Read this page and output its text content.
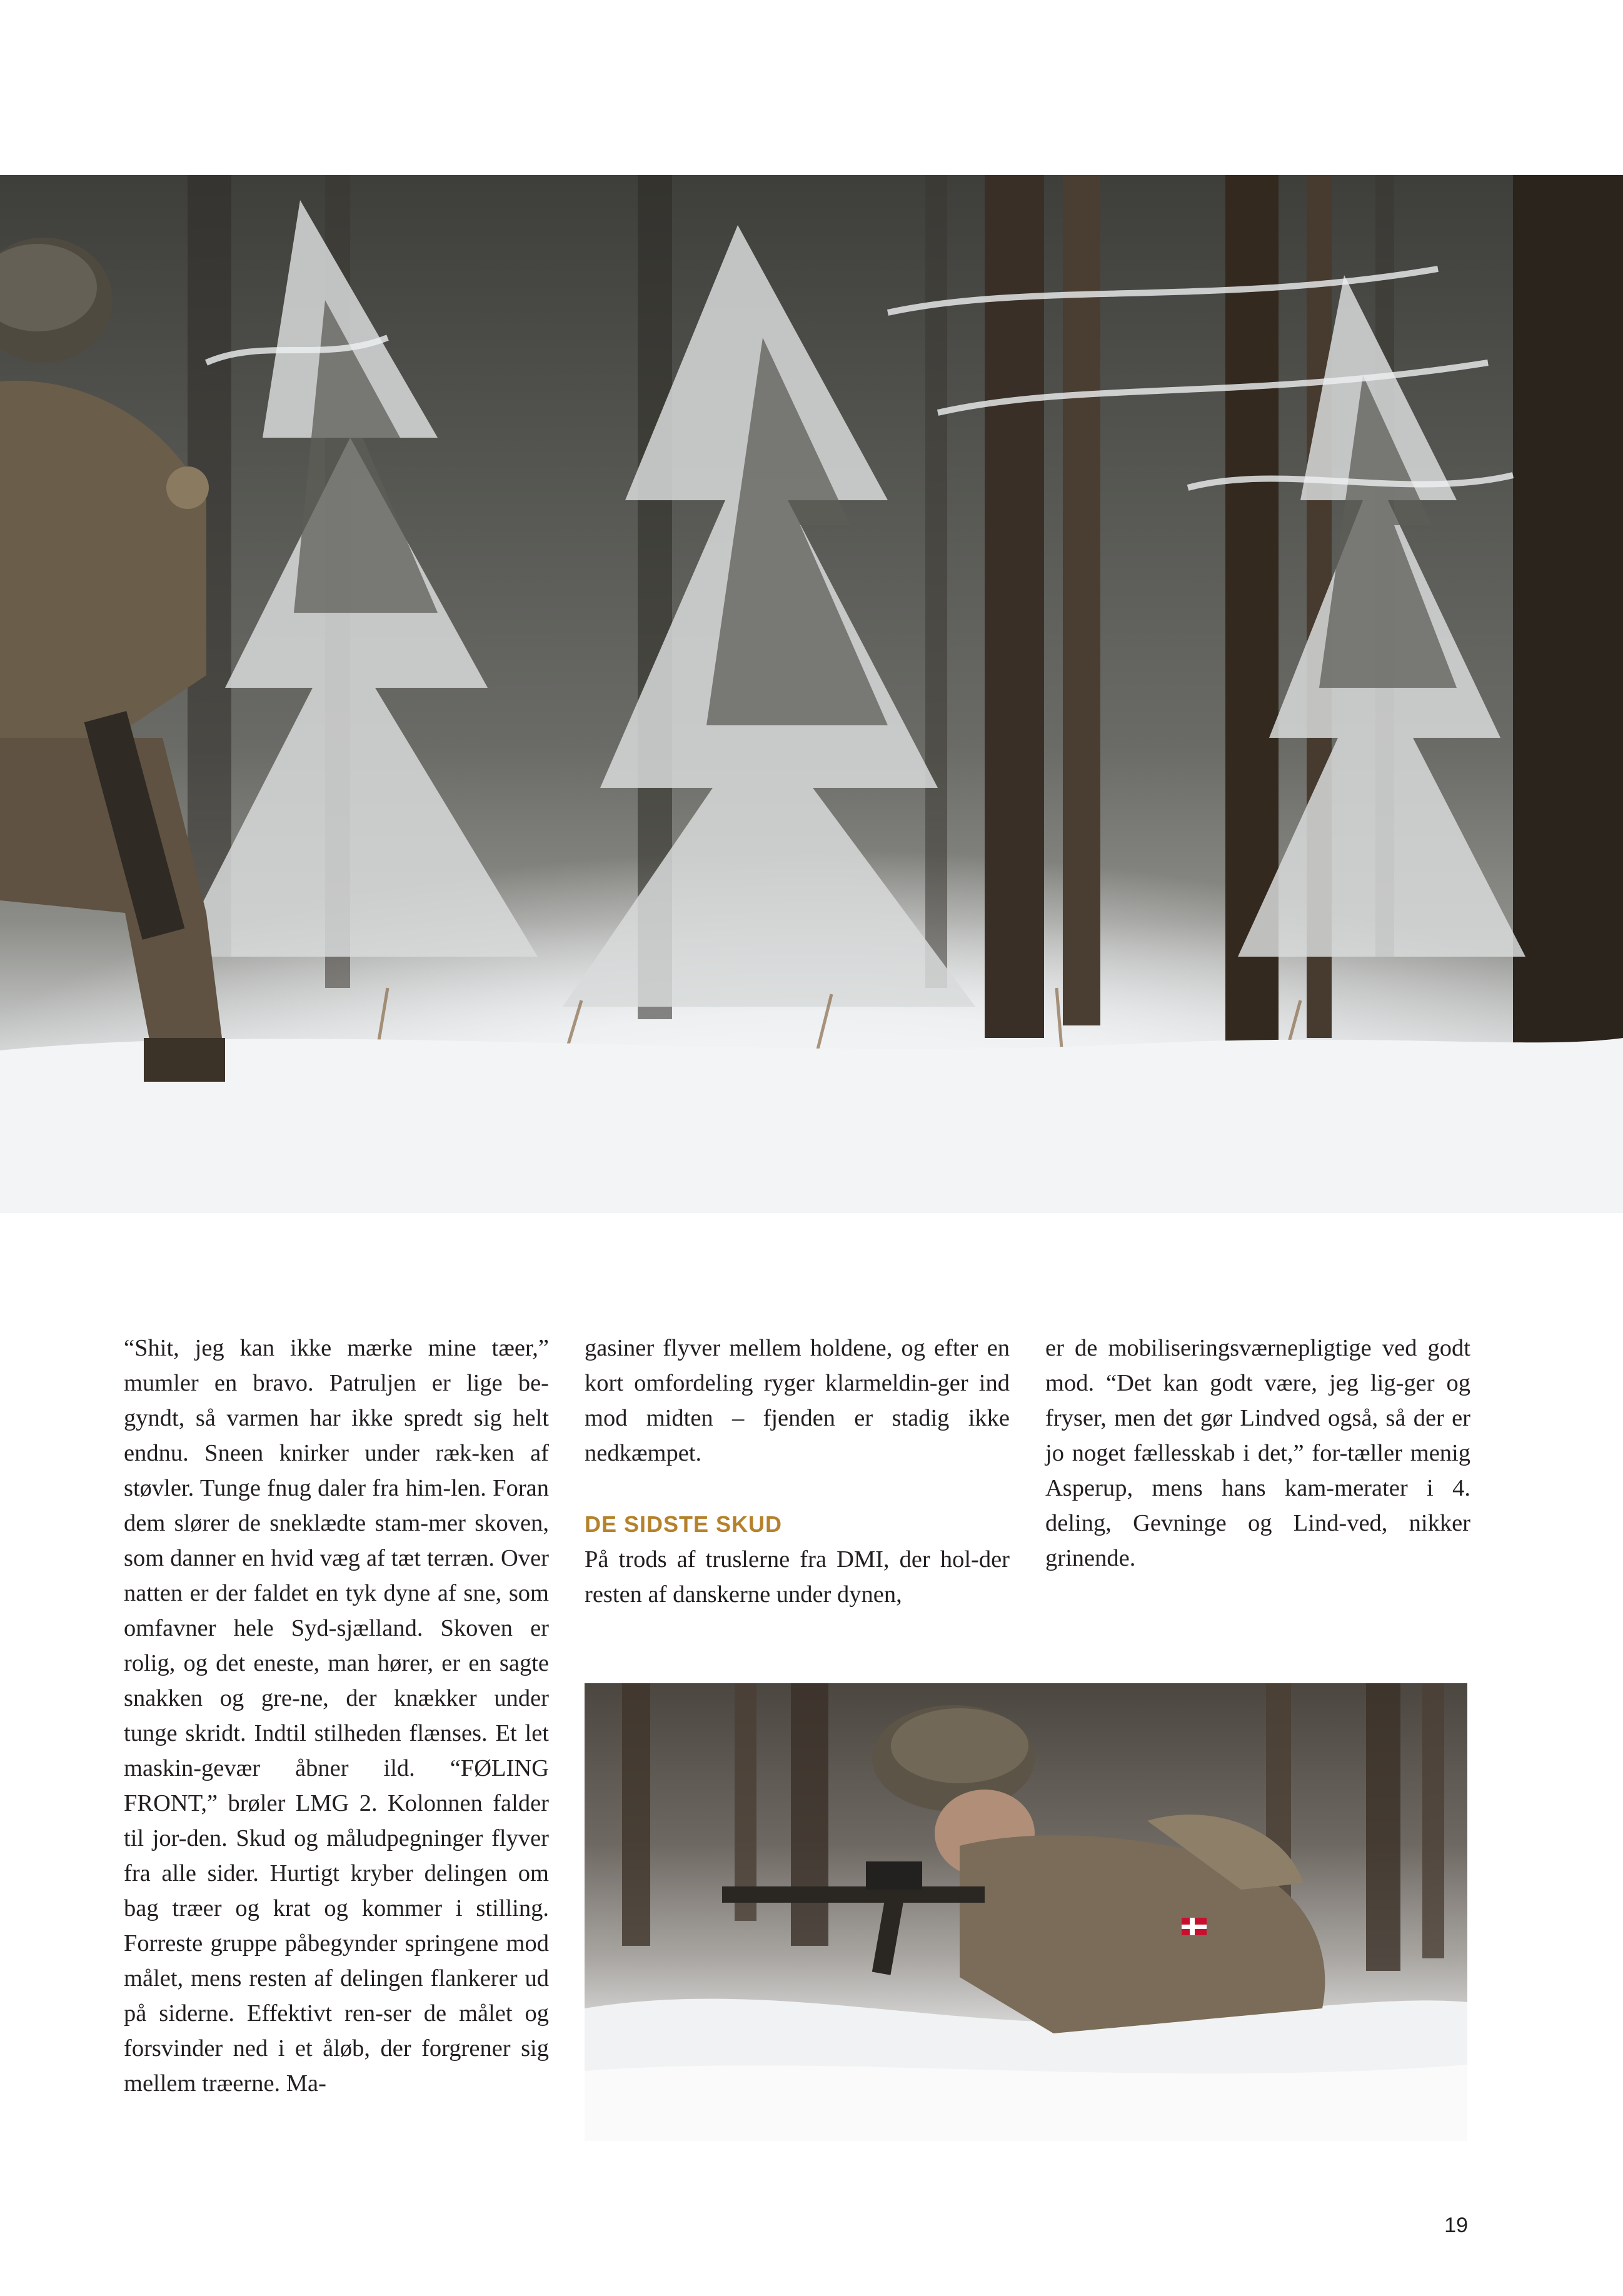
“Shit, jeg kan ikke mærke mine tæer,” mumler en bravo. Patruljen er lige be-gyndt, så varmen har ikke spredt sig helt endnu. Sneen knirker under ræk-ken af støvler. Tunge fnug daler fra him-len. Foran dem slører de sneklædte stam-mer skoven, som danner en hvid væg af tæt terræn. Over natten er der faldet en tyk dyne af sne, som omfavner hele Syd-sjælland. Skoven er rolig, og det eneste, man hører, er en sagte snakken og gre-ne, der knækker under tunge skridt. Indtil stilheden flænses. Et let maskin-gevær åbner ild. “FØLING FRONT,” brøler LMG 2. Kolonnen falder til jor-den. Skud og måludpegninger flyver fra alle sider. Hurtigt kryber delingen om bag træer og krat og kommer i stilling. Forreste gruppe påbegynder springene mod målet, mens resten af delingen flankerer ud på siderne. Effektivt ren-ser de målet og forsvinder ned i et åløb, der forgrener sig mellem træerne. Ma-

gasiner flyver mellem holdene, og efter en kort omfordeling ryger klarmeldin-ger ind mod midten – fjenden er stadig ikke nedkæmpet.

DE SIDSTE SKUD

På trods af truslerne fra DMI, der hol-der resten af danskerne under dynen,

er de mobiliseringsværnepligtige ved godt mod. “Det kan godt være, jeg lig-ger og fryser, men det gør Lindved også, så der er jo noget fællesskab i det,” for-tæller menig Asperup, mens hans kam-merater i 4. deling, Gevninge og Lind-ved, nikker grinende.

19
